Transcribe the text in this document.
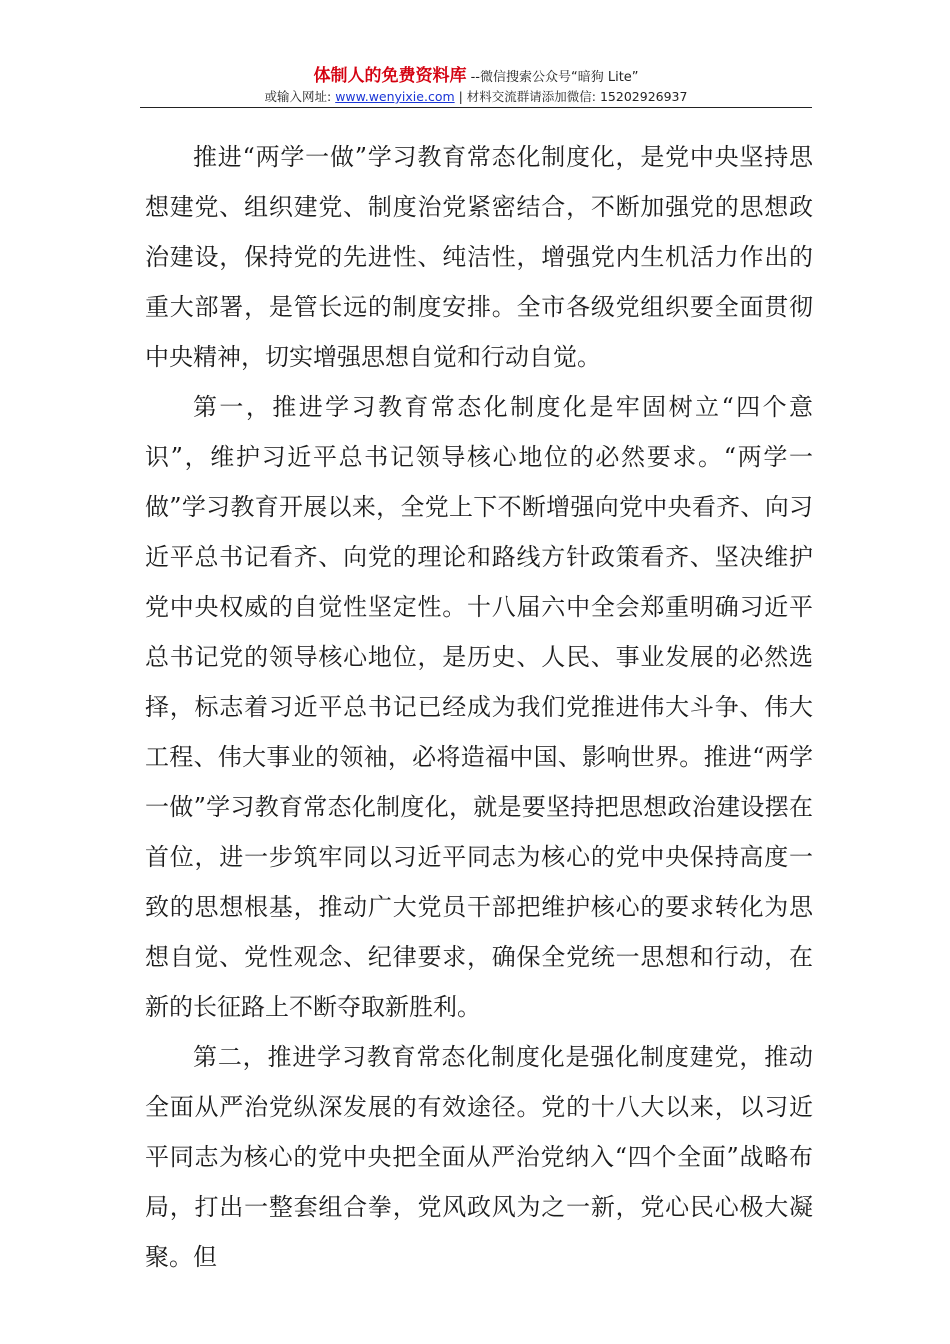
体制人的免费资料库 --微信搜索公众号“暗狗 Lite”
或输入网址: www.wenyixie.com | 材料交流群请添加微信: 15202926937

推进“两学一做”学习教育常态化制度化，是党中央坚持思想建党、组织建党、制度治党紧密结合，不断加强党的思想政治建设，保持党的先进性、纯洁性，增强党内生机活力作出的重大部署，是管长远的制度安排。全市各级党组织要全面贯彻中央精神，切实增强思想自觉和行动自觉。

第一，推进学习教育常态化制度化是牢固树立“四个意识”，维护习近平总书记领导核心地位的必然要求。“两学一做”学习教育开展以来，全党上下不断增强向党中央看齐、向习近平总书记看齐、向党的理论和路线方针政策看齐、坚决维护党中央权威的自觉性坚定性。十八届六中全会郑重明确习近平总书记党的领导核心地位，是历史、人民、事业发展的必然选择，标志着习近平总书记已经成为我们党推进伟大斗争、伟大工程、伟大事业的领袖，必将造福中国、影响世界。推进“两学一做”学习教育常态化制度化，就是要坚持把思想政治建设摆在首位，进一步筑牢同以习近平同志为核心的党中央保持高度一致的思想根基，推动广大党员干部把维护核心的要求转化为思想自觉、党性观念、纪律要求，确保全党统一思想和行动，在新的长征路上不断夺取新胜利。

第二，推进学习教育常态化制度化是强化制度建党，推动全面从严治党纵深发展的有效途径。党的十八大以来，以习近平同志为核心的党中央把全面从严治党纳入“四个全面”战略布局，打出一整套组合拳，党风政风为之一新，党心民心极大凝聚。但
